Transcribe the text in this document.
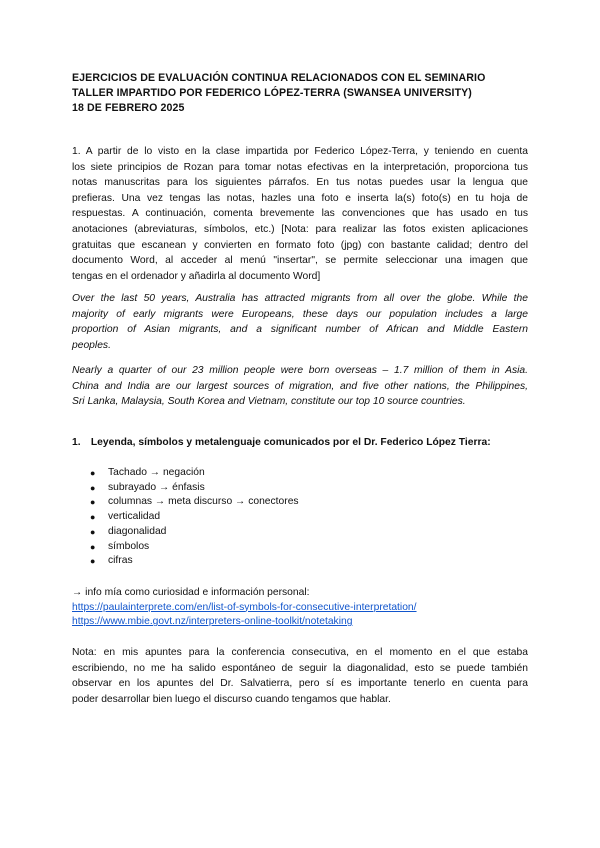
EJERCICIOS DE EVALUACIÓN CONTINUA RELACIONADOS CON EL SEMINARIO
TALLER IMPARTIDO POR FEDERICO LÓPEZ-TERRA (SWANSEA UNIVERSITY)
18 DE FEBRERO 2025
1. A partir de lo visto en la clase impartida por Federico López-Terra, y teniendo en cuenta
los siete principios de Rozan para tomar notas efectivas en la interpretación, proporciona tus
notas manuscritas para los siguientes párrafos. En tus notas puedes usar la lengua que
prefieras. Una vez tengas las notas, hazles una foto e inserta la(s) foto(s) en tu hoja de
respuestas. A continuación, comenta brevemente las convenciones que has usado en tus
anotaciones (abreviaturas, símbolos, etc.) [Nota: para realizar las fotos existen aplicaciones
gratuitas que escanean y convierten en formato foto (jpg) con bastante calidad; dentro del
documento Word, al acceder al menú "insertar", se permite seleccionar una imagen que
tengas en el ordenador y añadirla al documento Word]
Over the last 50 years, Australia has attracted migrants from all over the globe. While the
majority of early migrants were Europeans, these days our population includes a large
proportion of Asian migrants, and a significant number of African and Middle Eastern
peoples.
Nearly a quarter of our 23 million people were born overseas – 1.7 million of them in Asia.
China and India are our largest sources of migration, and five other nations, the Philippines,
Sri Lanka, Malaysia, South Korea and Vietnam, constitute our top 10 source countries.
1. Leyenda, símbolos y metalenguaje comunicados por el Dr. Federico López Tierra:
● Tachado → negación
● subrayado → énfasis
● columnas → meta discurso → conectores
● verticalidad
● diagonalidad
● símbolos
● cifras
→ info mía como curiosidad e información personal:
https://paulainterprete.com/en/list-of-symbols-for-consecutive-interpretation/
https://www.mbie.govt.nz/interpreters-online-toolkit/notetaking
Nota: en mis apuntes para la conferencia consecutiva, en el momento en el que estaba
escribiendo, no me ha salido espontáneo de seguir la diagonalidad, esto se puede también
observar en los apuntes del Dr. Salvatierra, pero sí es importante tenerlo en cuenta para
poder desarrollar bien luego el discurso cuando tengamos que hablar.
